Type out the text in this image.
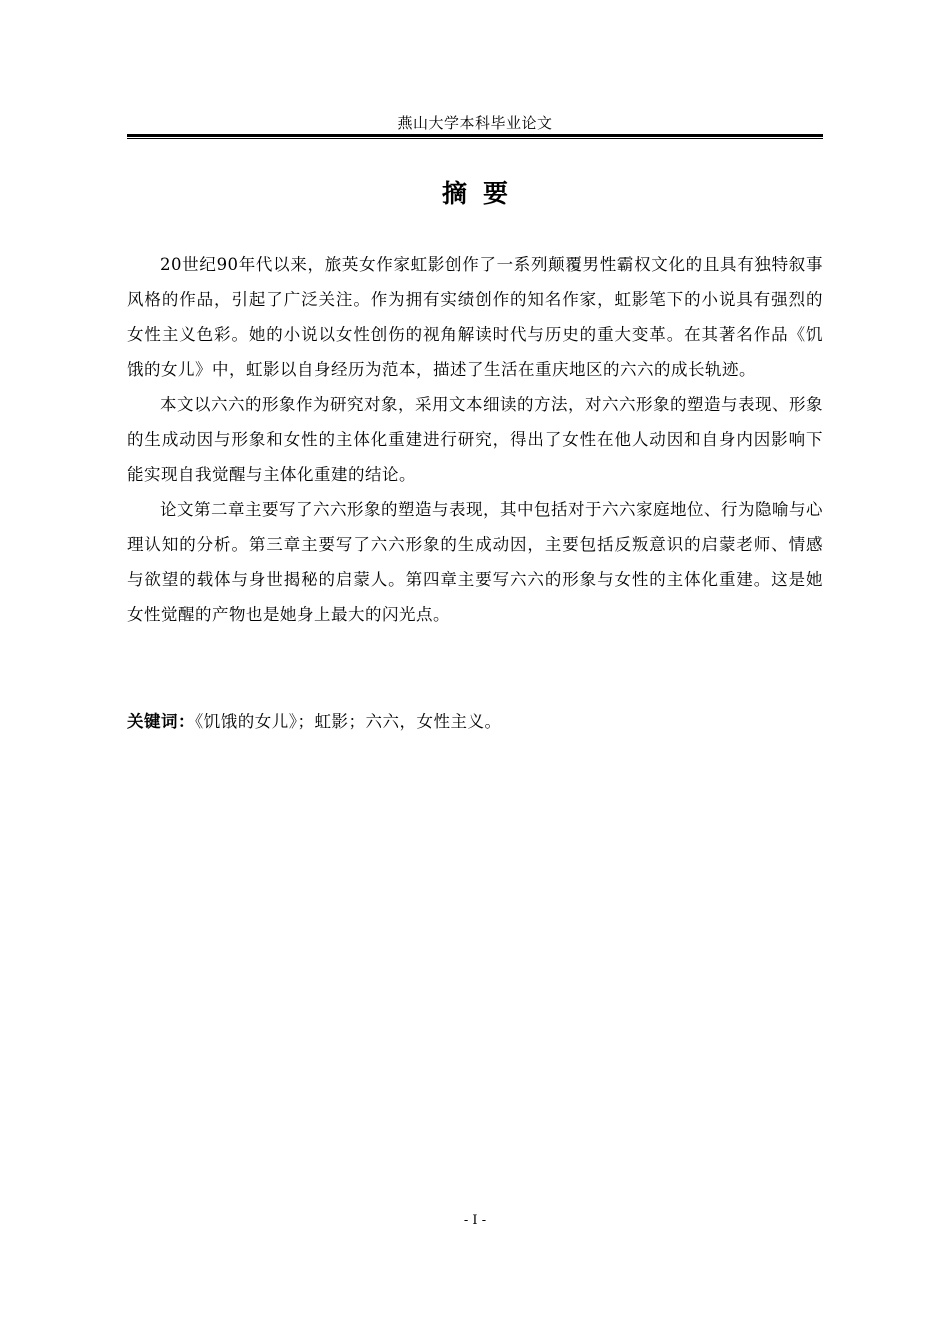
燕山大学本科毕业论文
摘要

20世纪90年代以来，旅英女作家虹影创作了一系列颠覆男性霸权文化的且具有独特叙事风格的作品，引起了广泛关注。作为拥有实绩创作的知名作家，虹影笔下的小说具有强烈的女性主义色彩。她的小说以女性创伤的视角解读时代与历史的重大变革。在其著名作品《饥饿的女儿》中，虹影以自身经历为范本，描述了生活在重庆地区的六六的成长轨迹。

本文以六六的形象作为研究对象，采用文本细读的方法，对六六形象的塑造与表现、形象的生成动因与形象和女性的主体化重建进行研究，得出了女性在他人动因和自身内因影响下能实现自我觉醒与主体化重建的结论。

论文第二章主要写了六六形象的塑造与表现，其中包括对于六六家庭地位、行为隐喻与心理认知的分析。第三章主要写了六六形象的生成动因，主要包括反叛意识的启蒙老师、情感与欲望的载体与身世揭秘的启蒙人。第四章主要写六六的形象与女性的主体化重建。这是她女性觉醒的产物也是她身上最大的闪光点。

关键词：《饥饿的女儿》；虹影；六六，女性主义。
- I -
